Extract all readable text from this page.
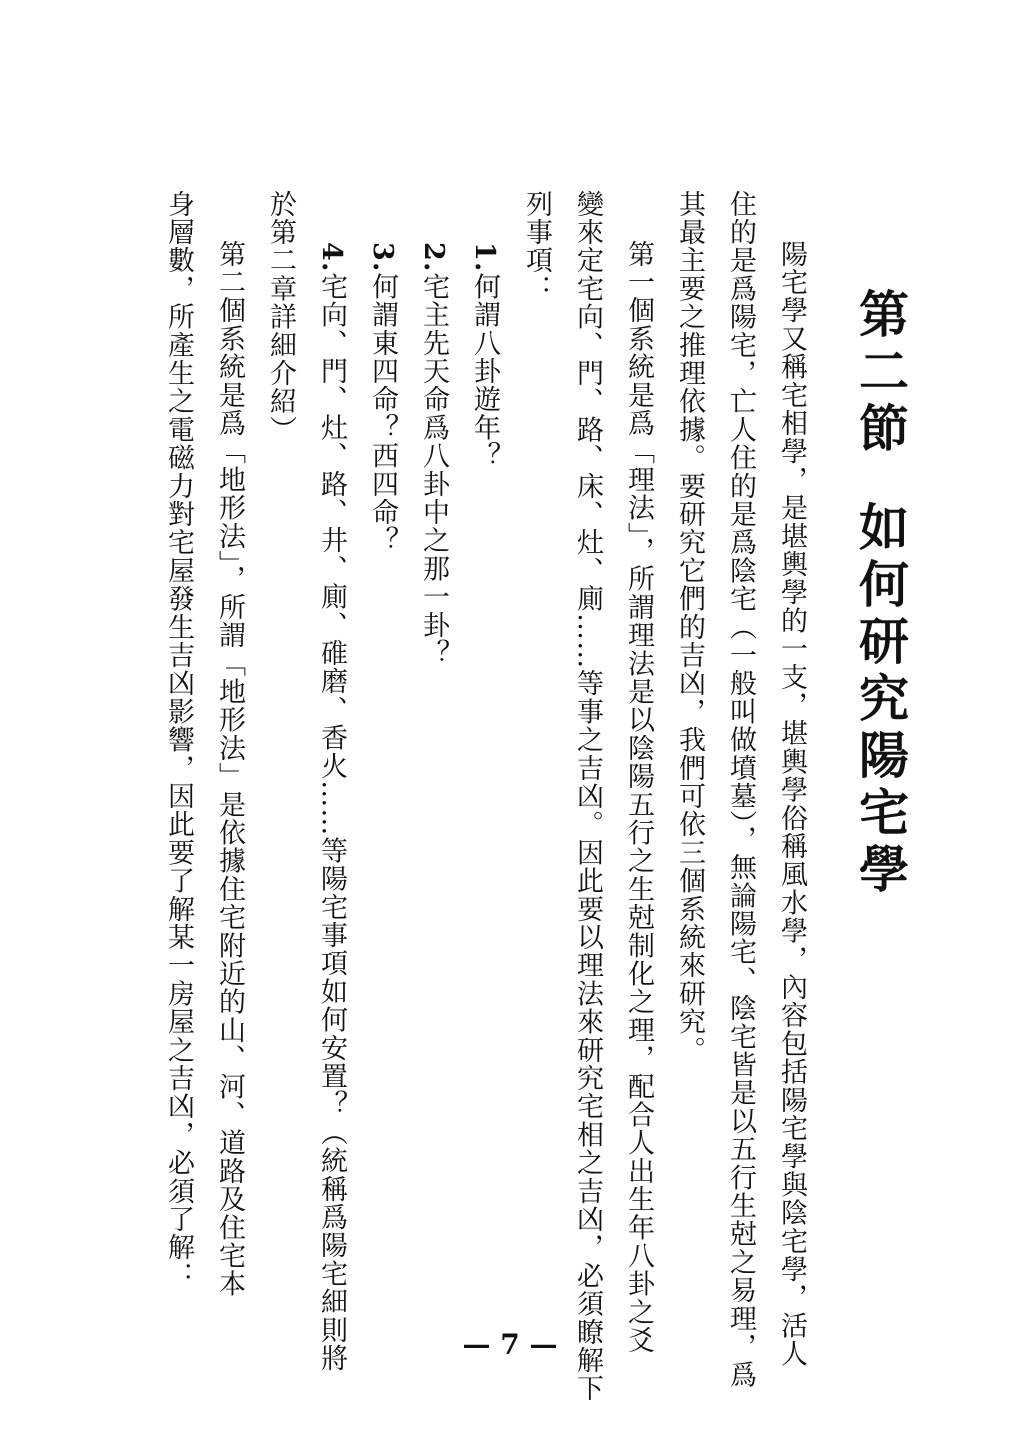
第二節如何研究陽宅學
陽宅學又稱宅相學，是堪輿學的一支，堪輿學俗稱風水學，內容包括陽宅學與陰宅學，活人
住的是爲陽宅，亡人住的是爲陰宅（一般叫做墳墓），無論陽宅、陰宅皆是以五行生尅之易理，爲
其最主要之推理依據。要研究它們的吉凶，我們可依三個系統來研究。
第一個系統是爲「理法」，所謂理法是以陰陽五行之生尅制化之理，配合人出生年八卦之爻
變來定宅向、門、路、床、灶、廁……等事之吉凶。因此要以理法來研究宅相之吉凶，必須瞭解下
列事項：
1.何謂八卦遊年？
2.宅主先天命爲八卦中之那一卦？
3.何謂東四命？西四命？
4.宅向、門、灶、路、井、廁、碓磨、香火……等陽宅事項如何安置？（統稱爲陽宅細則將
於第二章詳細介紹）
第二個系統是爲「地形法」，所謂「地形法」是依據住宅附近的山、河、道路及住宅本
身層數，所產生之電磁力對宅屋發生吉凶影響，因此要了解某一房屋之吉凶，必須了解：
— 7 —
